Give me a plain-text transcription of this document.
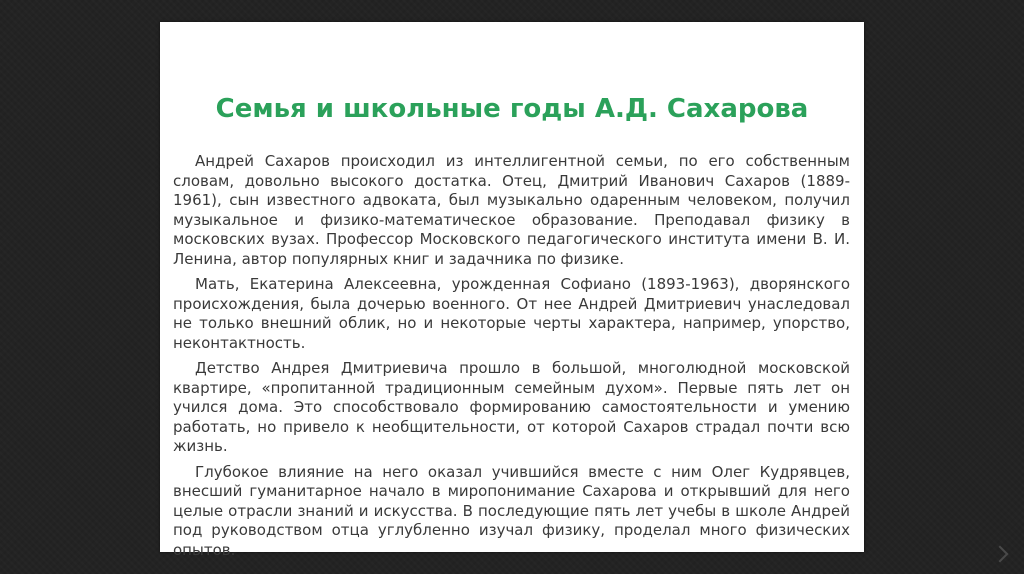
Семья и школьные годы А.Д. Сахарова

Андрей Сахаров происходил из интеллигентной семьи, по его собственным словам, довольно высокого достатка. Отец, Дмитрий Иванович Сахаров (1889-1961), сын известного адвоката, был музыкально одаренным человеком, получил музыкальное и физико-математическое образование. Преподавал физику в московских вузах. Профессор Московского педагогического института имени В. И. Ленина, автор популярных книг и задачника по физике.

Мать, Екатерина Алексеевна, урожденная Софиано (1893-1963), дворянского происхождения, была дочерью военного. От нее Андрей Дмитриевич унаследовал не только внешний облик, но и некоторые черты характера, например, упорство, неконтактность.

Детство Андрея Дмитриевича прошло в большой, многолюдной московской квартире, «пропитанной традиционным семейным духом». Первые пять лет он учился дома. Это способствовало формированию самостоятельности и умению работать, но привело к необщительности, от которой Сахаров страдал почти всю жизнь.

Глубокое влияние на него оказал учившийся вместе с ним Олег Кудрявцев, внесший гуманитарное начало в миропонимание Сахарова и открывший для него целые отрасли знаний и искусства. В последующие пять лет учебы в школе Андрей под руководством отца углубленно изучал физику, проделал много физических опытов.
